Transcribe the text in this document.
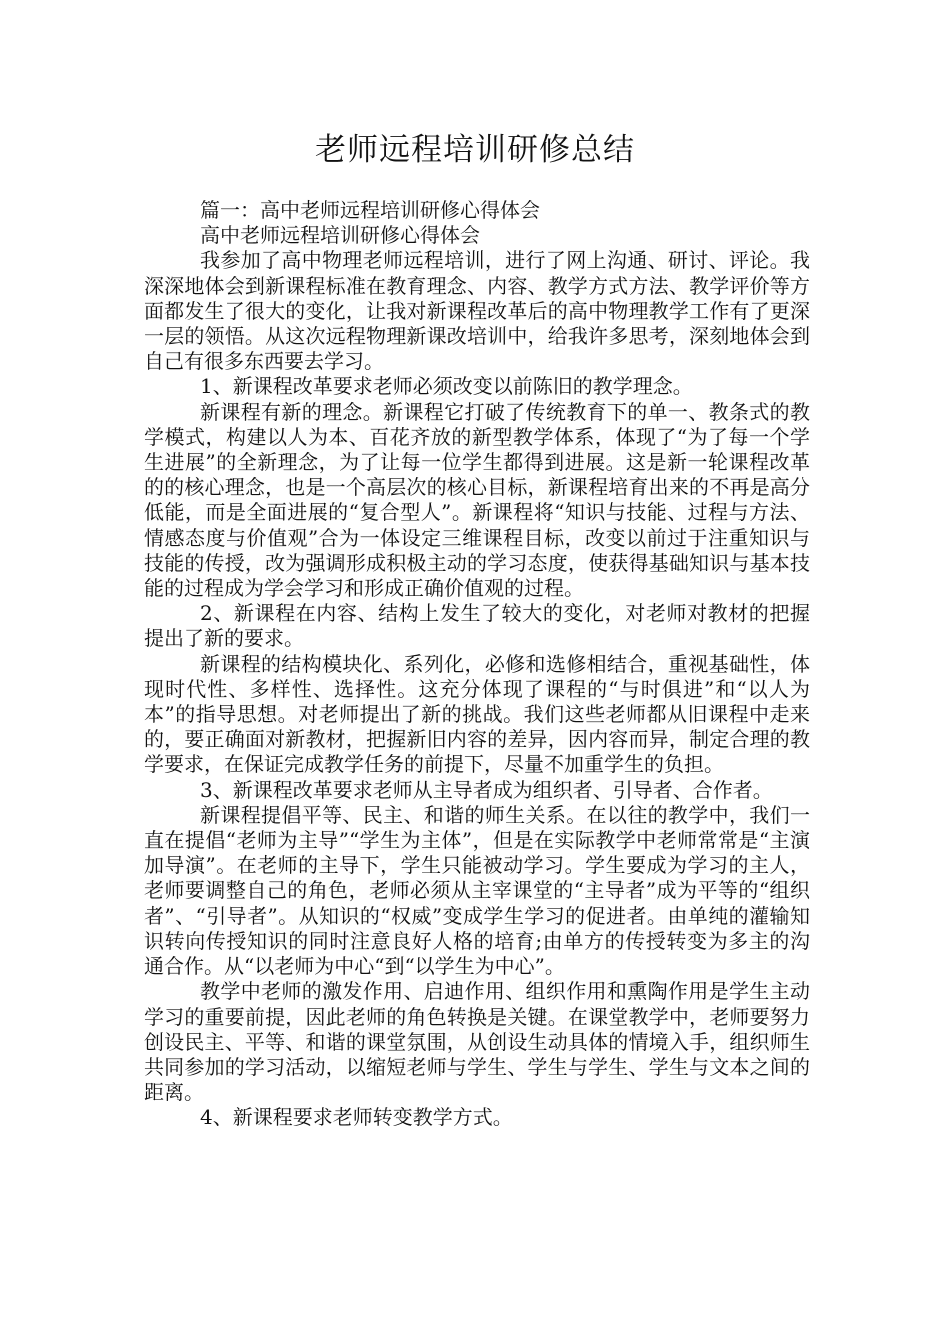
老师远程培训研修总结

篇一：高中老师远程培训研修心得体会

高中老师远程培训研修心得体会

我参加了高中物理老师远程培训，进行了网上沟通、研讨、评论。我深深地体会到新课程标准在教育理念、内容、教学方式方法、教学评价等方面都发生了很大的变化，让我对新课程改革后的高中物理教学工作有了更深一层的领悟。从这次远程物理新课改培训中，给我许多思考，深刻地体会到自己有很多东西要去学习。

1、新课程改革要求老师必须改变以前陈旧的教学理念。

新课程有新的理念。新课程它打破了传统教育下的单一、教条式的教学模式，构建以人为本、百花齐放的新型教学体系，体现了“为了每一个学生进展”的全新理念，为了让每一位学生都得到进展。这是新一轮课程改革的的核心理念，也是一个高层次的核心目标，新课程培育出来的不再是高分低能，而是全面进展的“复合型人”。新课程将“知识与技能、过程与方法、情感态度与价值观”合为一体设定三维课程目标，改变以前过于注重知识与技能的传授，改为强调形成积极主动的学习态度，使获得基础知识与基本技能的过程成为学会学习和形成正确价值观的过程。

2、新课程在内容、结构上发生了较大的变化，对老师对教材的把握提出了新的要求。

新课程的结构模块化、系列化，必修和选修相结合，重视基础性，体现时代性、多样性、选择性。这充分体现了课程的“与时俱进”和“以人为本”的指导思想。对老师提出了新的挑战。我们这些老师都从旧课程中走来的，要正确面对新教材，把握新旧内容的差异，因内容而异，制定合理的教学要求，在保证完成教学任务的前提下，尽量不加重学生的负担。

3、新课程改革要求老师从主导者成为组织者、引导者、合作者。

新课程提倡平等、民主、和谐的师生关系。在以往的教学中，我们一直在提倡“老师为主导”“学生为主体”，但是在实际教学中老师常常是“主演加导演”。在老师的主导下，学生只能被动学习。学生要成为学习的主人，老师要调整自己的角色，老师必须从主宰课堂的“主导者”成为平等的“组织者”、“引导者”。从知识的“权威”变成学生学习的促进者。由单纯的灌输知识转向传授知识的同时注意良好人格的培育;由单方的传授转变为多主的沟通合作。从“以老师为中心“到“以学生为中心”。

教学中老师的激发作用、启迪作用、组织作用和熏陶作用是学生主动学习的重要前提，因此老师的角色转换是关键。在课堂教学中，老师要努力创设民主、平等、和谐的课堂氛围，从创设生动具体的情境入手，组织师生共同参加的学习活动，以缩短老师与学生、学生与学生、学生与文本之间的距离。

4、新课程要求老师转变教学方式。
